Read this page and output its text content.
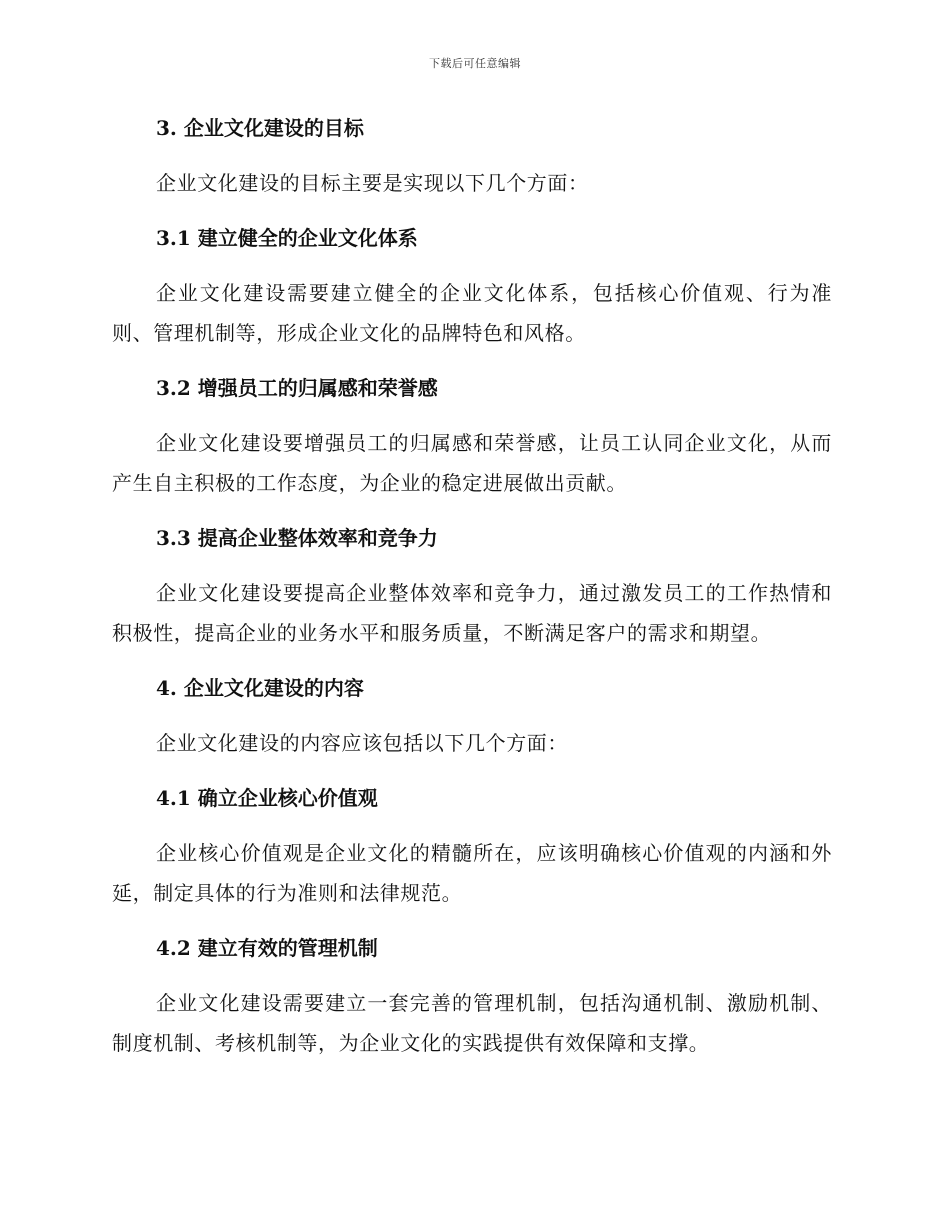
下载后可任意编辑
3. 企业文化建设的目标

企业文化建设的目标主要是实现以下几个方面：

3.1 建立健全的企业文化体系

企业文化建设需要建立健全的企业文化体系，包括核心价值观、行为准则、管理机制等，形成企业文化的品牌特色和风格。

3.2 增强员工的归属感和荣誉感

企业文化建设要增强员工的归属感和荣誉感，让员工认同企业文化，从而产生自主积极的工作态度，为企业的稳定进展做出贡献。

3.3 提高企业整体效率和竞争力

企业文化建设要提高企业整体效率和竞争力，通过激发员工的工作热情和积极性，提高企业的业务水平和服务质量，不断满足客户的需求和期望。

4. 企业文化建设的内容

企业文化建设的内容应该包括以下几个方面：

4.1 确立企业核心价值观

企业核心价值观是企业文化的精髓所在，应该明确核心价值观的内涵和外延，制定具体的行为准则和法律规范。

4.2 建立有效的管理机制

企业文化建设需要建立一套完善的管理机制，包括沟通机制、激励机制、制度机制、考核机制等，为企业文化的实践提供有效保障和支撑。
